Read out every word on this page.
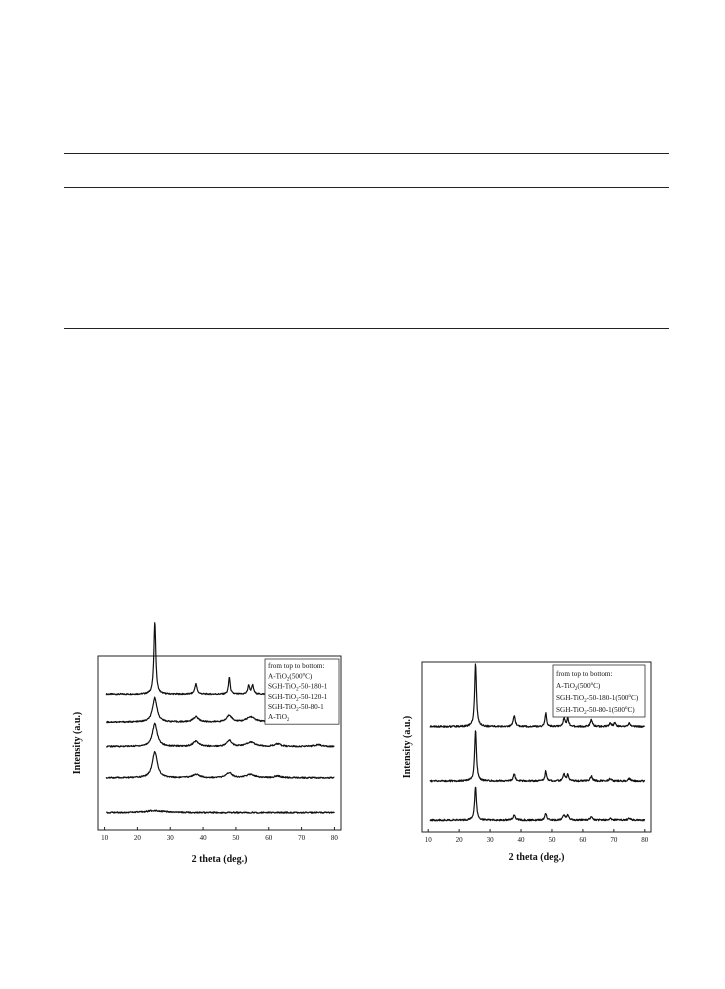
10	20	30	40	50	60	70	80
2 theta (deg.)
Intensity (a.u.)
from top to bottom:
$A-TiO_2(500^oC)$
SGH-TiO$_2$-50-180-1
SGH-TiO$_2$-50-120-1
SGH-TiO$_2$-50-80-1
A-TiO$_2$
10	20	30	40	50	60	70	80
2 theta (deg.)
Intensity (a.u.)
from top to bottom:
$A-TiO_2(500^oC)$
SGH-$TiO_2-50-180-1(500^oC)$
SGH-$TiO_2-50-80-1(500^oC)$
